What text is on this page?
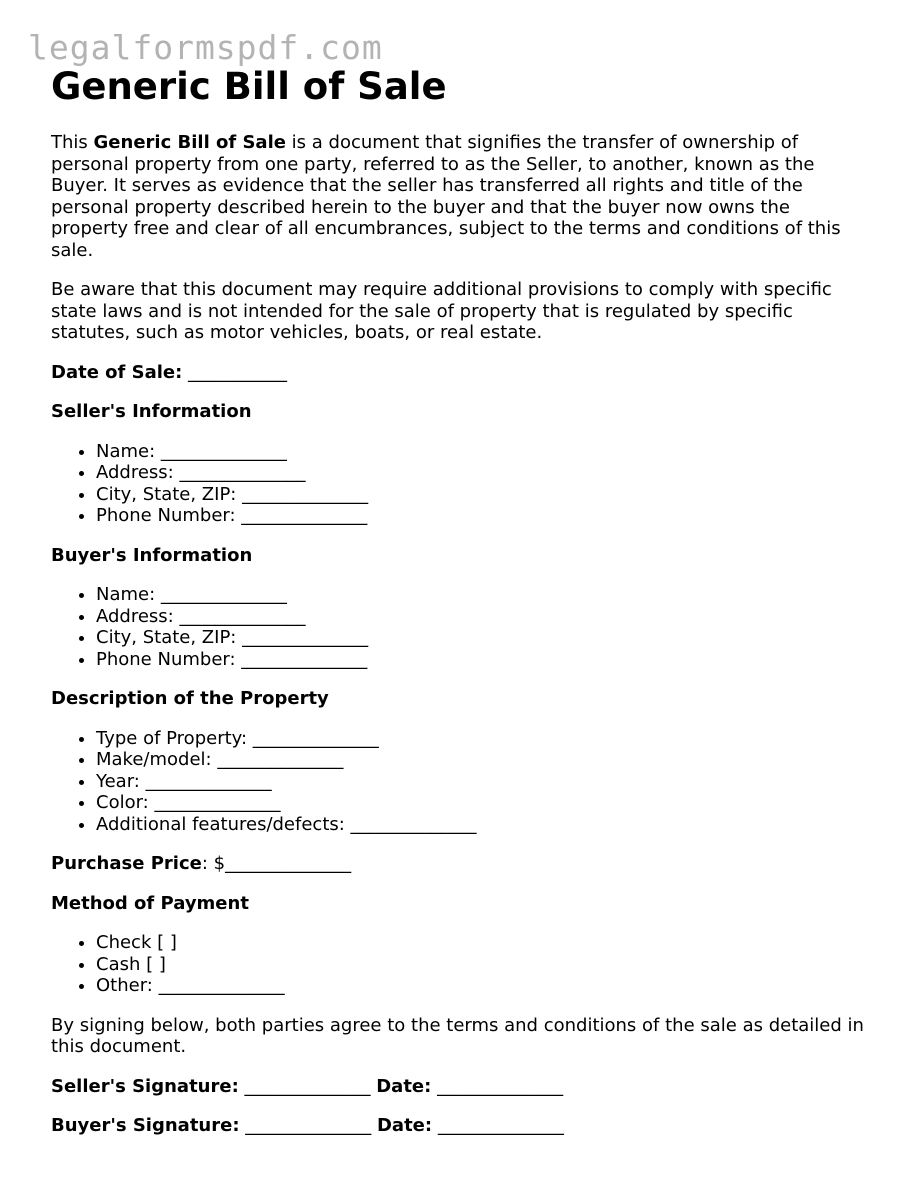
legalformspdf.com
Generic Bill of Sale

This Generic Bill of Sale is a document that signifies the transfer of ownership of personal property from one party, referred to as the Seller, to another, known as the Buyer. It serves as evidence that the seller has transferred all rights and title of the personal property described herein to the buyer and that the buyer now owns the property free and clear of all encumbrances, subject to the terms and conditions of this sale.

Be aware that this document may require additional provisions to comply with specific state laws and is not intended for the sale of property that is regulated by specific statutes, such as motor vehicles, boats, or real estate.

Date of Sale: ___________
Seller's Information
• Name: ______________
• Address: ______________
• City, State, ZIP: ______________
• Phone Number: ______________
Buyer's Information
• Name: ______________
• Address: ______________
• City, State, ZIP: ______________
• Phone Number: ______________
Description of the Property
• Type of Property: ______________
• Make/model: ______________
• Year: ______________
• Color: ______________
• Additional features/defects: ______________
Purchase Price: $______________
Method of Payment
• Check [ ]
• Cash [ ]
• Other: ______________

By signing below, both parties agree to the terms and conditions of the sale as detailed in this document.

Seller's Signature: ______________ Date: ______________
Buyer's Signature: ______________ Date: ______________
